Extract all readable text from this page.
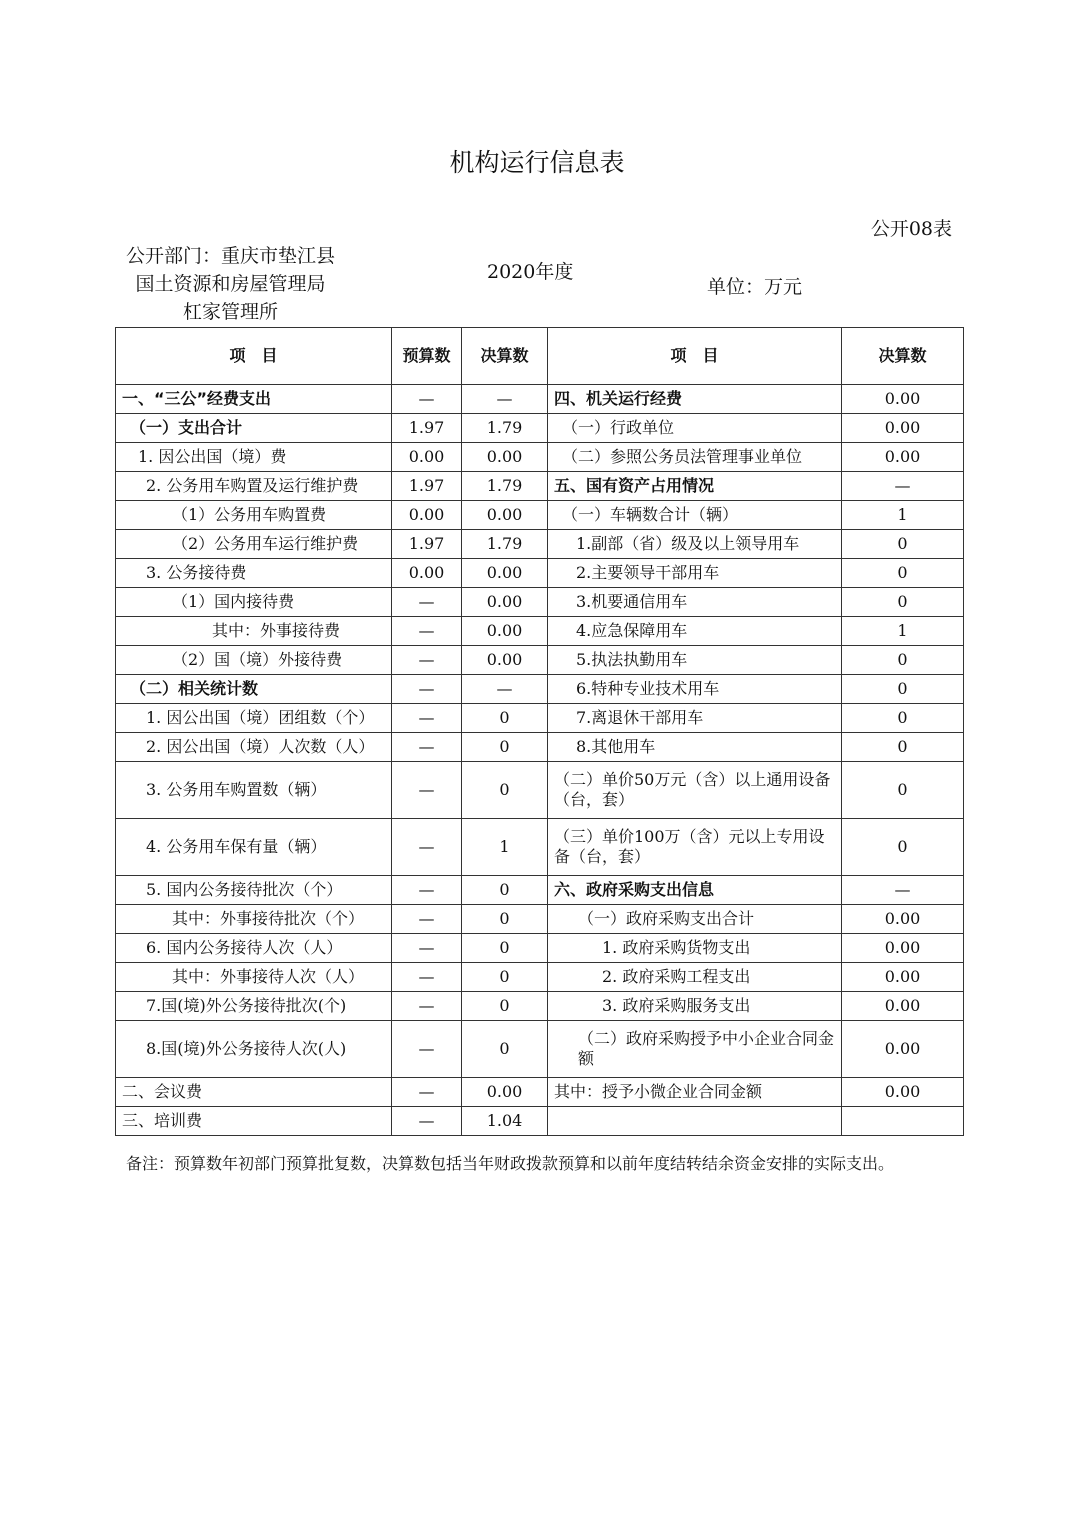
机构运行信息表
公开08表
公开部门：重庆市垫江县
国土资源和房屋管理局
杠家管理所
2020年度
单位：万元
项　目	预算数	决算数	项　目	决算数
一、“三公”经费支出	—	—	四、机关运行经费	0.00
（一）支出合计	1.97	1.79	（一）行政单位	0.00
1. 因公出国（境）费	0.00	0.00	（二）参照公务员法管理事业单位	0.00
2. 公务用车购置及运行维护费	1.97	1.79	五、国有资产占用情况	—
（1）公务用车购置费	0.00	0.00	（一）车辆数合计（辆）	1
（2）公务用车运行维护费	1.97	1.79	1.副部（省）级及以上领导用车	0
3. 公务接待费	0.00	0.00	2.主要领导干部用车	0
（1）国内接待费	—	0.00	3.机要通信用车	0
其中：外事接待费	—	0.00	4.应急保障用车	1
（2）国（境）外接待费	—	0.00	5.执法执勤用车	0
（二）相关统计数	—	—	6.特种专业技术用车	0
1. 因公出国（境）团组数（个）	—	0	7.离退休干部用车	0
2. 因公出国（境）人次数（人）	—	0	8.其他用车	0
3. 公务用车购置数（辆）	—	0	（二）单价50万元（含）以上通用设备（台，套）	0
4. 公务用车保有量（辆）	—	1	（三）单价100万（含）元以上专用设备（台，套）	0
5. 国内公务接待批次（个）	—	0	六、政府采购支出信息	—
其中：外事接待批次（个）	—	0	（一）政府采购支出合计	0.00
6. 国内公务接待人次（人）	—	0	1. 政府采购货物支出	0.00
其中：外事接待人次（人）	—	0	2. 政府采购工程支出	0.00
7.国(境)外公务接待批次(个)	—	0	3. 政府采购服务支出	0.00
8.国(境)外公务接待人次(人)	—	0	（二）政府采购授予中小企业合同金额	0.00
二、会议费	—	0.00	其中：授予小微企业合同金额	0.00
三、培训费	—	1.04		
备注：预算数年初部门预算批复数，决算数包括当年财政拨款预算和以前年度结转结余资金安排的实际支出。
